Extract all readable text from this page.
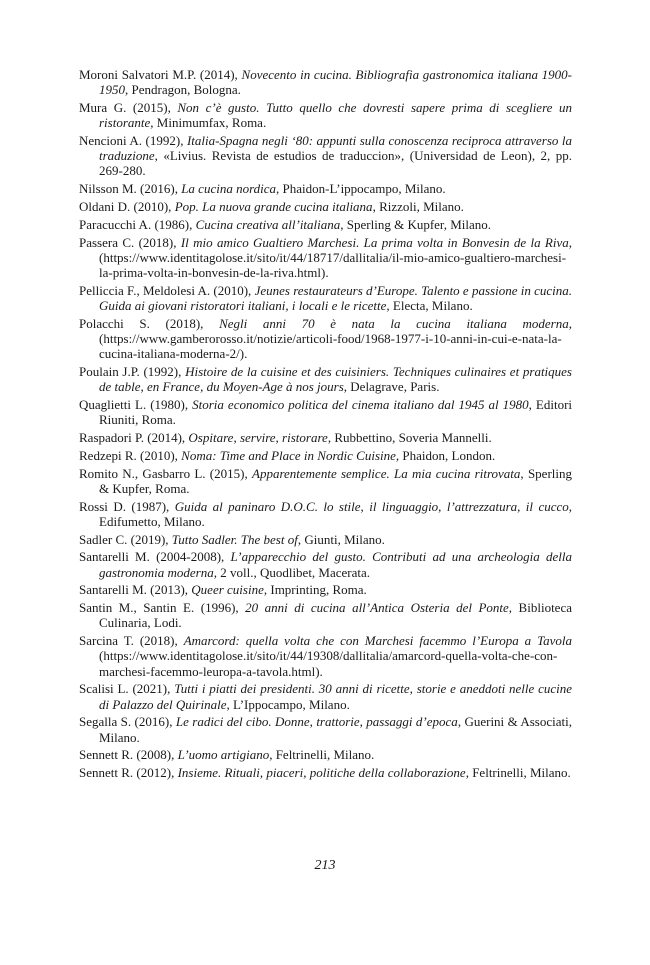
Moroni Salvatori M.P. (2014), Novecento in cucina. Bibliografia gastronomica italiana 1900-1950, Pendragon, Bologna.

Mura G. (2015), Non c’è gusto. Tutto quello che dovresti sapere prima di scegliere un ristorante, Minimumfax, Roma.

Nencioni A. (1992), Italia-Spagna negli ‘80: appunti sulla conoscenza reciproca attraverso la traduzione, «Livius. Revista de estudios de traduccion», (Universidad de Leon), 2, pp. 269-280.

Nilsson M. (2016), La cucina nordica, Phaidon-L’ippocampo, Milano.

Oldani D. (2010), Pop. La nuova grande cucina italiana, Rizzoli, Milano.

Paracucchi A. (1986), Cucina creativa all’italiana, Sperling & Kupfer, Milano.

Passera C. (2018), Il mio amico Gualtiero Marchesi. La prima volta in Bonvesin de la Riva, (https://www.identitagolose.it/sito/it/44/18717/dallitalia/il-mio-amico-gualtiero-marchesi-la-prima-volta-in-bonvesin-de-la-riva.html).

Pelliccia F., Meldolesi A. (2010), Jeunes restaurateurs d’Europe. Talento e passione in cucina. Guida ai giovani ristoratori italiani, i locali e le ricette, Electa, Milano.

Polacchi S. (2018), Negli anni 70 è nata la cucina italiana moderna, (https://www.gamberorosso.it/notizie/articoli-food/1968-1977-i-10-anni-in-cui-e-nata-la-cucina-italiana-moderna-2/).

Poulain J.P. (1992), Histoire de la cuisine et des cuisiniers. Techniques culinaires et pratiques de table, en France, du Moyen-Age à nos jours, Delagrave, Paris.

Quaglietti L. (1980), Storia economico politica del cinema italiano dal 1945 al 1980, Editori Riuniti, Roma.

Raspadori P. (2014), Ospitare, servire, ristorare, Rubbettino, Soveria Mannelli.

Redzepi R. (2010), Noma: Time and Place in Nordic Cuisine, Phaidon, London.

Romito N., Gasbarro L. (2015), Apparentemente semplice. La mia cucina ritrovata, Sperling & Kupfer, Roma.

Rossi D. (1987), Guida al paninaro D.O.C. lo stile, il linguaggio, l’attrezzatura, il cucco, Edifumetto, Milano.

Sadler C. (2019), Tutto Sadler. The best of, Giunti, Milano.

Santarelli M. (2004-2008), L’apparecchio del gusto. Contributi ad una archeologia della gastronomia moderna, 2 voll., Quodlibet, Macerata.

Santarelli M. (2013), Queer cuisine, Imprinting, Roma.

Santin M., Santin E. (1996), 20 anni di cucina all’Antica Osteria del Ponte, Biblioteca Culinaria, Lodi.

Sarcina T. (2018), Amarcord: quella volta che con Marchesi facemmo l’Europa a Tavola (https://www.identitagolose.it/sito/it/44/19308/dallitalia/amarcord-quella-volta-che-con-marchesi-facemmo-leuropa-a-tavola.html).

Scalisi L. (2021), Tutti i piatti dei presidenti. 30 anni di ricette, storie e aneddoti nelle cucine di Palazzo del Quirinale, L’Ippocampo, Milano.

Segalla S. (2016), Le radici del cibo. Donne, trattorie, passaggi d’epoca, Guerini & Associati, Milano.

Sennett R. (2008), L’uomo artigiano, Feltrinelli, Milano.

Sennett R. (2012), Insieme. Rituali, piaceri, politiche della collaborazione, Feltrinelli, Milano.

213
